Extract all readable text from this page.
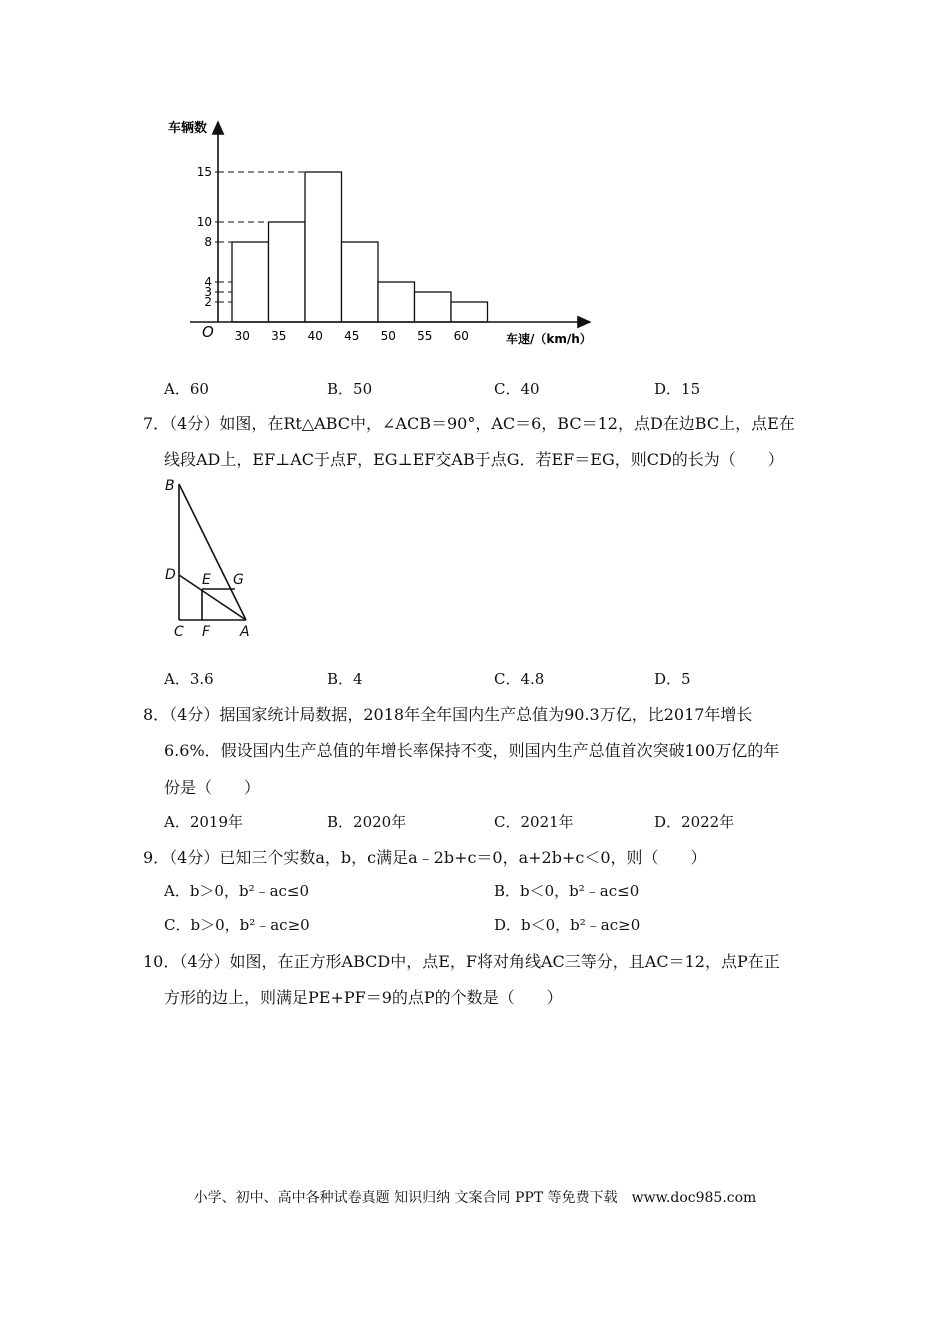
2
3
4
8
10
15
30 35 40 45 50 55 60
车辆数
车速/（km/h）
O
A．60	B．50	C．40	D．15
7．（4分）如图，在Rt△ABC中，∠ACB＝90°，AC＝6，BC＝12，点D在边BC上，点E在
线段AD上，EF⊥AC于点F，EG⊥EF交AB于点G．若EF＝EG，则CD的长为（　　）
B
D E G
C F A
A．3.6	B．4	C．4.8	D．5
8．（4分）据国家统计局数据，2018年全年国内生产总值为90.3万亿，比2017年增长
6.6%．假设国内生产总值的年增长率保持不变，则国内生产总值首次突破100万亿的年
份是（　　）
A．2019年	B．2020年	C．2021年	D．2022年
9．（4分）已知三个实数a，b，c满足a﹣2b+c＝0，a+2b+c＜0，则（　　）
A．b＞0，b²﹣ac≤0	B．b＜0，b²﹣ac≤0
C．b＞0，b²﹣ac≥0	D．b＜0，b²﹣ac≥0
10．（4分）如图，在正方形ABCD中，点E，F将对角线AC三等分，且AC＝12，点P在正
方形的边上，则满足PE+PF＝9的点P的个数是（　　）
小学、初中、高中各种试卷真题 知识归纳 文案合同 PPT 等免费下载　www.doc985.com
